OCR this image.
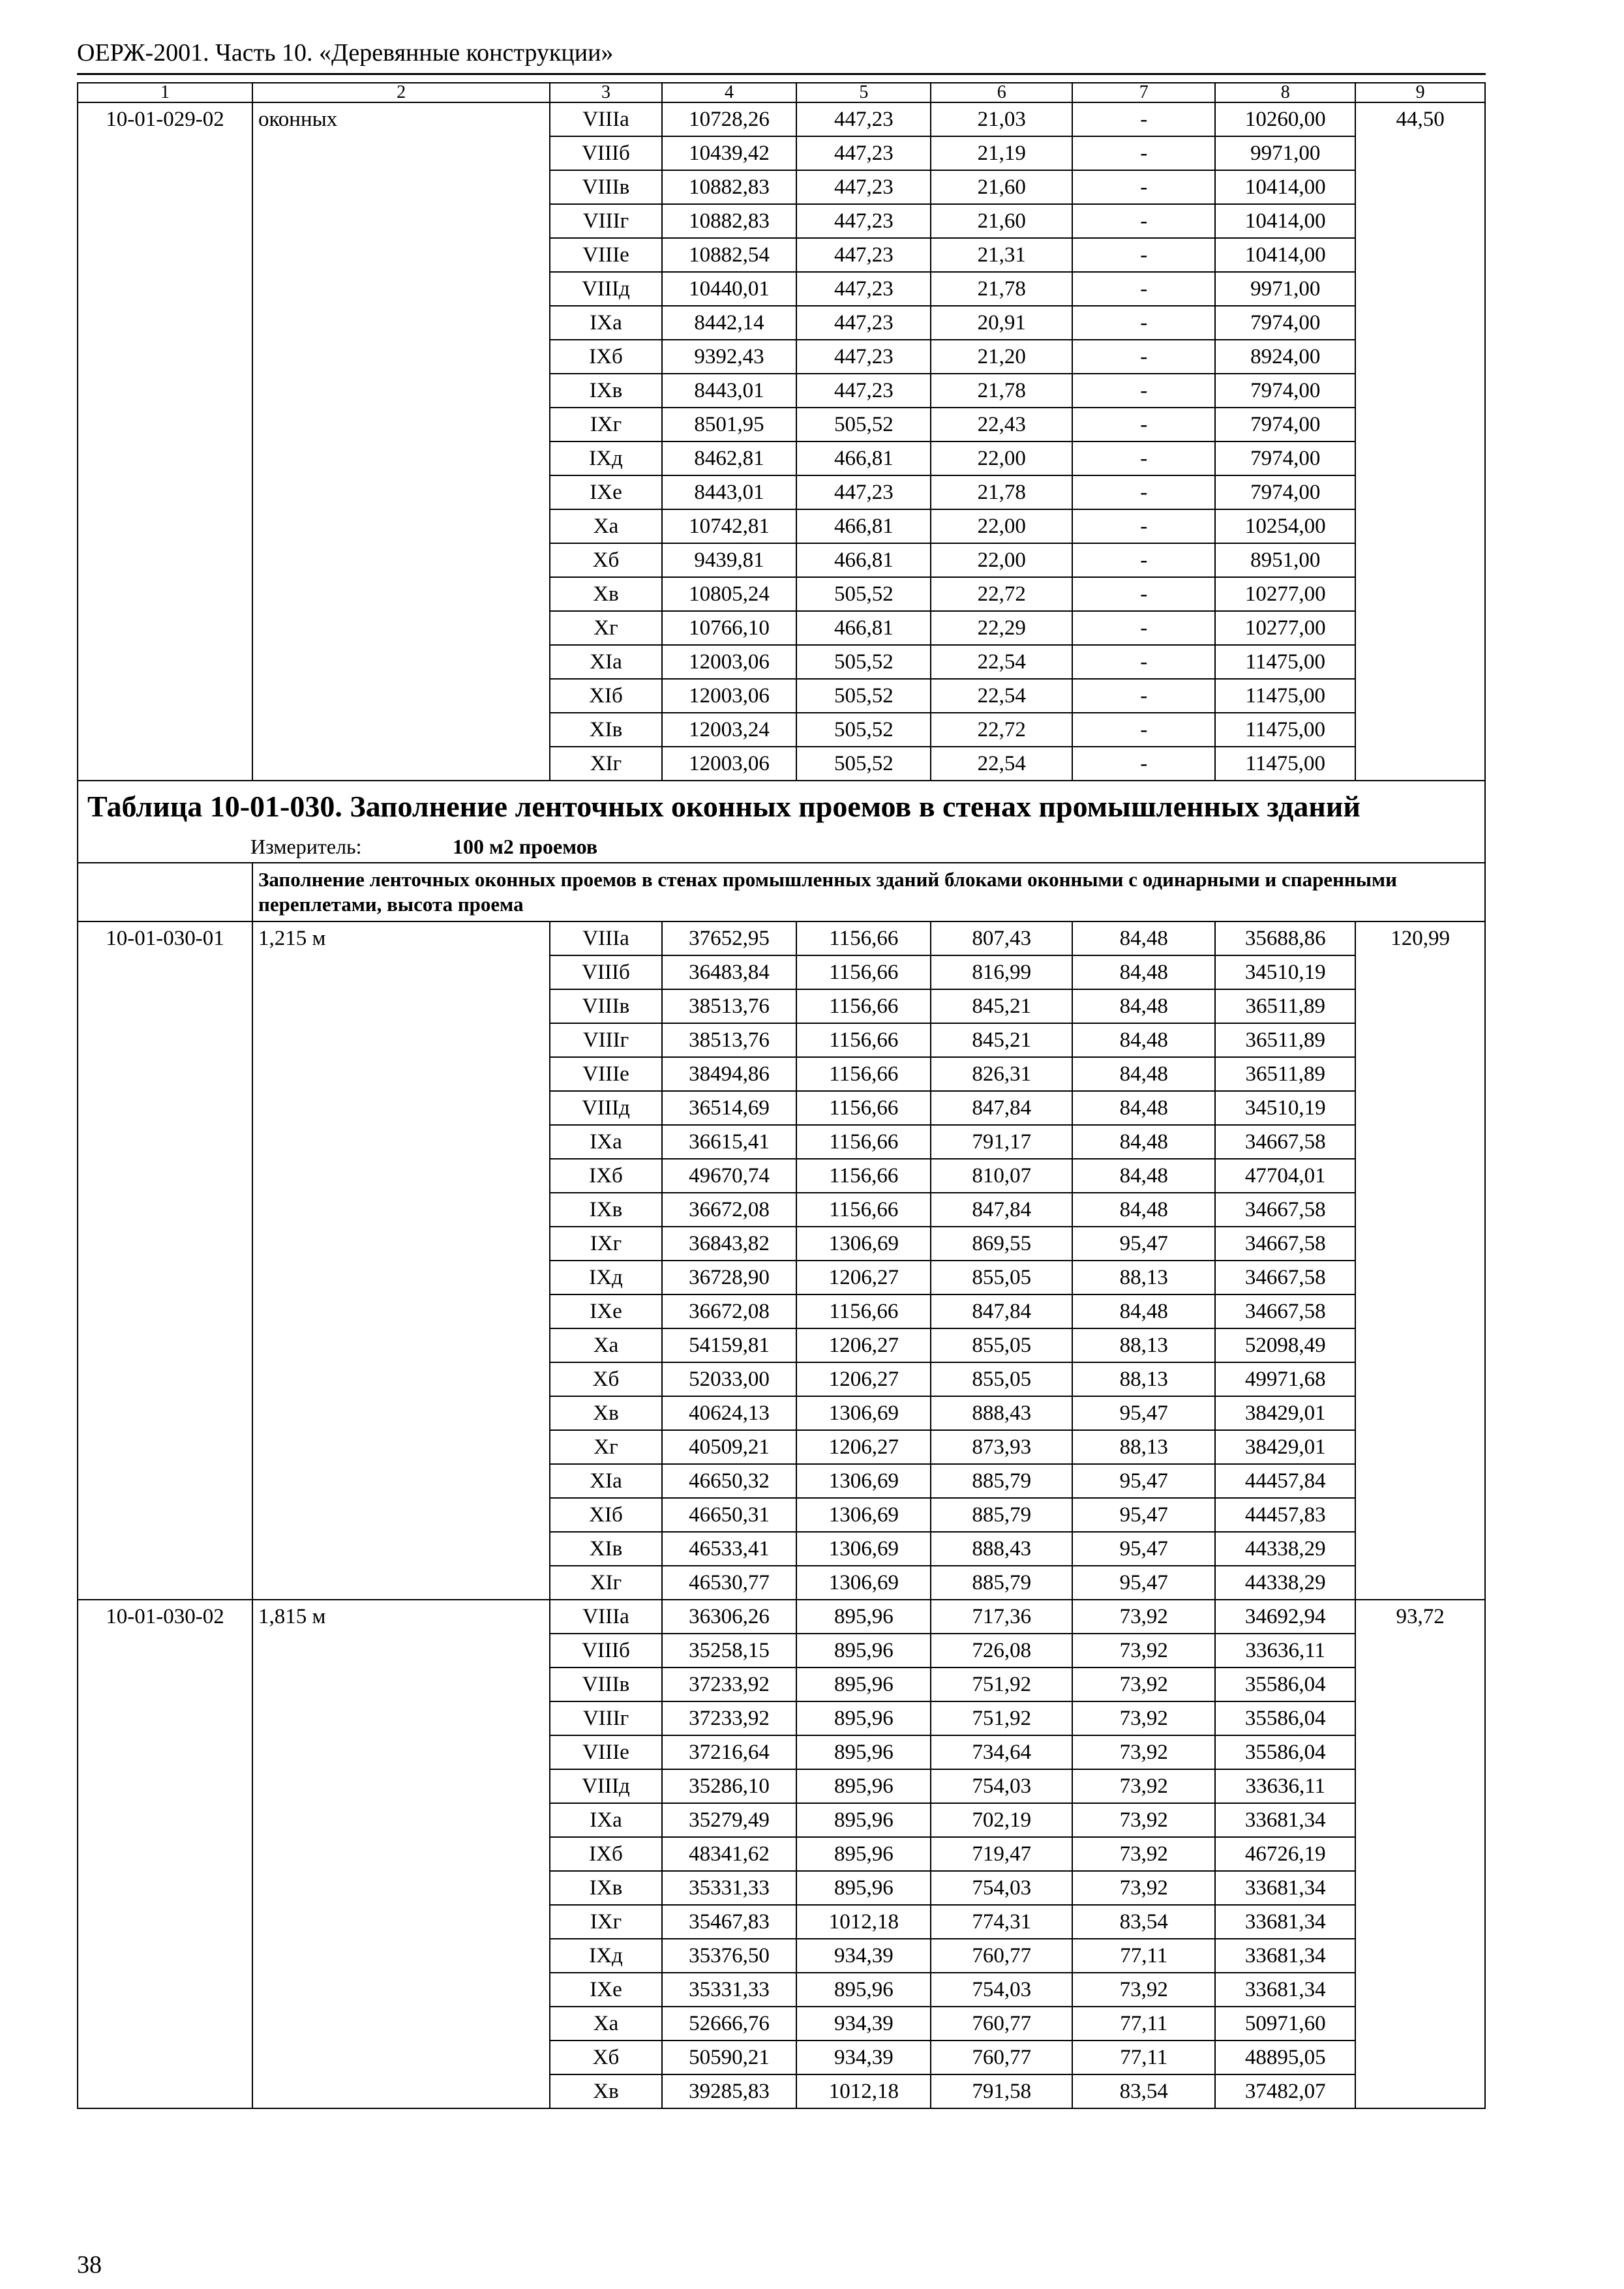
ОЕРЖ-2001. Часть 10. «Деревянные конструкции»
1	2	3	4	5	6	7	8	9
10-01-029-02	оконных	VIIIа	10728,26	447,23	21,03	-	10260,00	44,50
		VIIIб	10439,42	447,23	21,19	-	9971,00	
		VIIIв	10882,83	447,23	21,60	-	10414,00	
		VIIIг	10882,83	447,23	21,60	-	10414,00	
		VIIIе	10882,54	447,23	21,31	-	10414,00	
		VIIIд	10440,01	447,23	21,78	-	9971,00	
		IXа	8442,14	447,23	20,91	-	7974,00	
		IXб	9392,43	447,23	21,20	-	8924,00	
		IXв	8443,01	447,23	21,78	-	7974,00	
		IXг	8501,95	505,52	22,43	-	7974,00	
		IXд	8462,81	466,81	22,00	-	7974,00	
		IXе	8443,01	447,23	21,78	-	7974,00	
		Xа	10742,81	466,81	22,00	-	10254,00	
		Xб	9439,81	466,81	22,00	-	8951,00	
		Xв	10805,24	505,52	22,72	-	10277,00	
		Xг	10766,10	466,81	22,29	-	10277,00	
		XIа	12003,06	505,52	22,54	-	11475,00	
		XIб	12003,06	505,52	22,54	-	11475,00	
		XIв	12003,24	505,52	22,72	-	11475,00	
		XIг	12003,06	505,52	22,54	-	11475,00	

Таблица 10-01-030. Заполнение ленточных оконных проемов в стенах промышленных зданий
Измеритель: 100 м2 проемов								

	Заполнение ленточных оконных проемов в стенах промышленных зданий блоками оконными с одинарными и спаренными переплетами, высота проема							
10-01-030-01	1,215 м	VIIIа	37652,95	1156,66	807,43	84,48	35688,86	120,99
		VIIIб	36483,84	1156,66	816,99	84,48	34510,19	
		VIIIв	38513,76	1156,66	845,21	84,48	36511,89	
		VIIIг	38513,76	1156,66	845,21	84,48	36511,89	
		VIIIе	38494,86	1156,66	826,31	84,48	36511,89	
		VIIIд	36514,69	1156,66	847,84	84,48	34510,19	
		IXа	36615,41	1156,66	791,17	84,48	34667,58	
		IXб	49670,74	1156,66	810,07	84,48	47704,01	
		IXв	36672,08	1156,66	847,84	84,48	34667,58	
		IXг	36843,82	1306,69	869,55	95,47	34667,58	
		IXд	36728,90	1206,27	855,05	88,13	34667,58	
		IXе	36672,08	1156,66	847,84	84,48	34667,58	
		Xа	54159,81	1206,27	855,05	88,13	52098,49	
		Xб	52033,00	1206,27	855,05	88,13	49971,68	
		Xв	40624,13	1306,69	888,43	95,47	38429,01	
		Xг	40509,21	1206,27	873,93	88,13	38429,01	
		XIа	46650,32	1306,69	885,79	95,47	44457,84	
		XIб	46650,31	1306,69	885,79	95,47	44457,83	
		XIв	46533,41	1306,69	888,43	95,47	44338,29	
		XIг	46530,77	1306,69	885,79	95,47	44338,29	
10-01-030-02	1,815 м	VIIIа	36306,26	895,96	717,36	73,92	34692,94	93,72
		VIIIб	35258,15	895,96	726,08	73,92	33636,11	
		VIIIв	37233,92	895,96	751,92	73,92	35586,04	
		VIIIг	37233,92	895,96	751,92	73,92	35586,04	
		VIIIе	37216,64	895,96	734,64	73,92	35586,04	
		VIIIд	35286,10	895,96	754,03	73,92	33636,11	
		IXа	35279,49	895,96	702,19	73,92	33681,34	
		IXб	48341,62	895,96	719,47	73,92	46726,19	
		IXв	35331,33	895,96	754,03	73,92	33681,34	
		IXг	35467,83	1012,18	774,31	83,54	33681,34	
		IXд	35376,50	934,39	760,77	77,11	33681,34	
		IXе	35331,33	895,96	754,03	73,92	33681,34	
		Xа	52666,76	934,39	760,77	77,11	50971,60	
		Xб	50590,21	934,39	760,77	77,11	48895,05	
		Xв	39285,83	1012,18	791,58	83,54	37482,07	
38
